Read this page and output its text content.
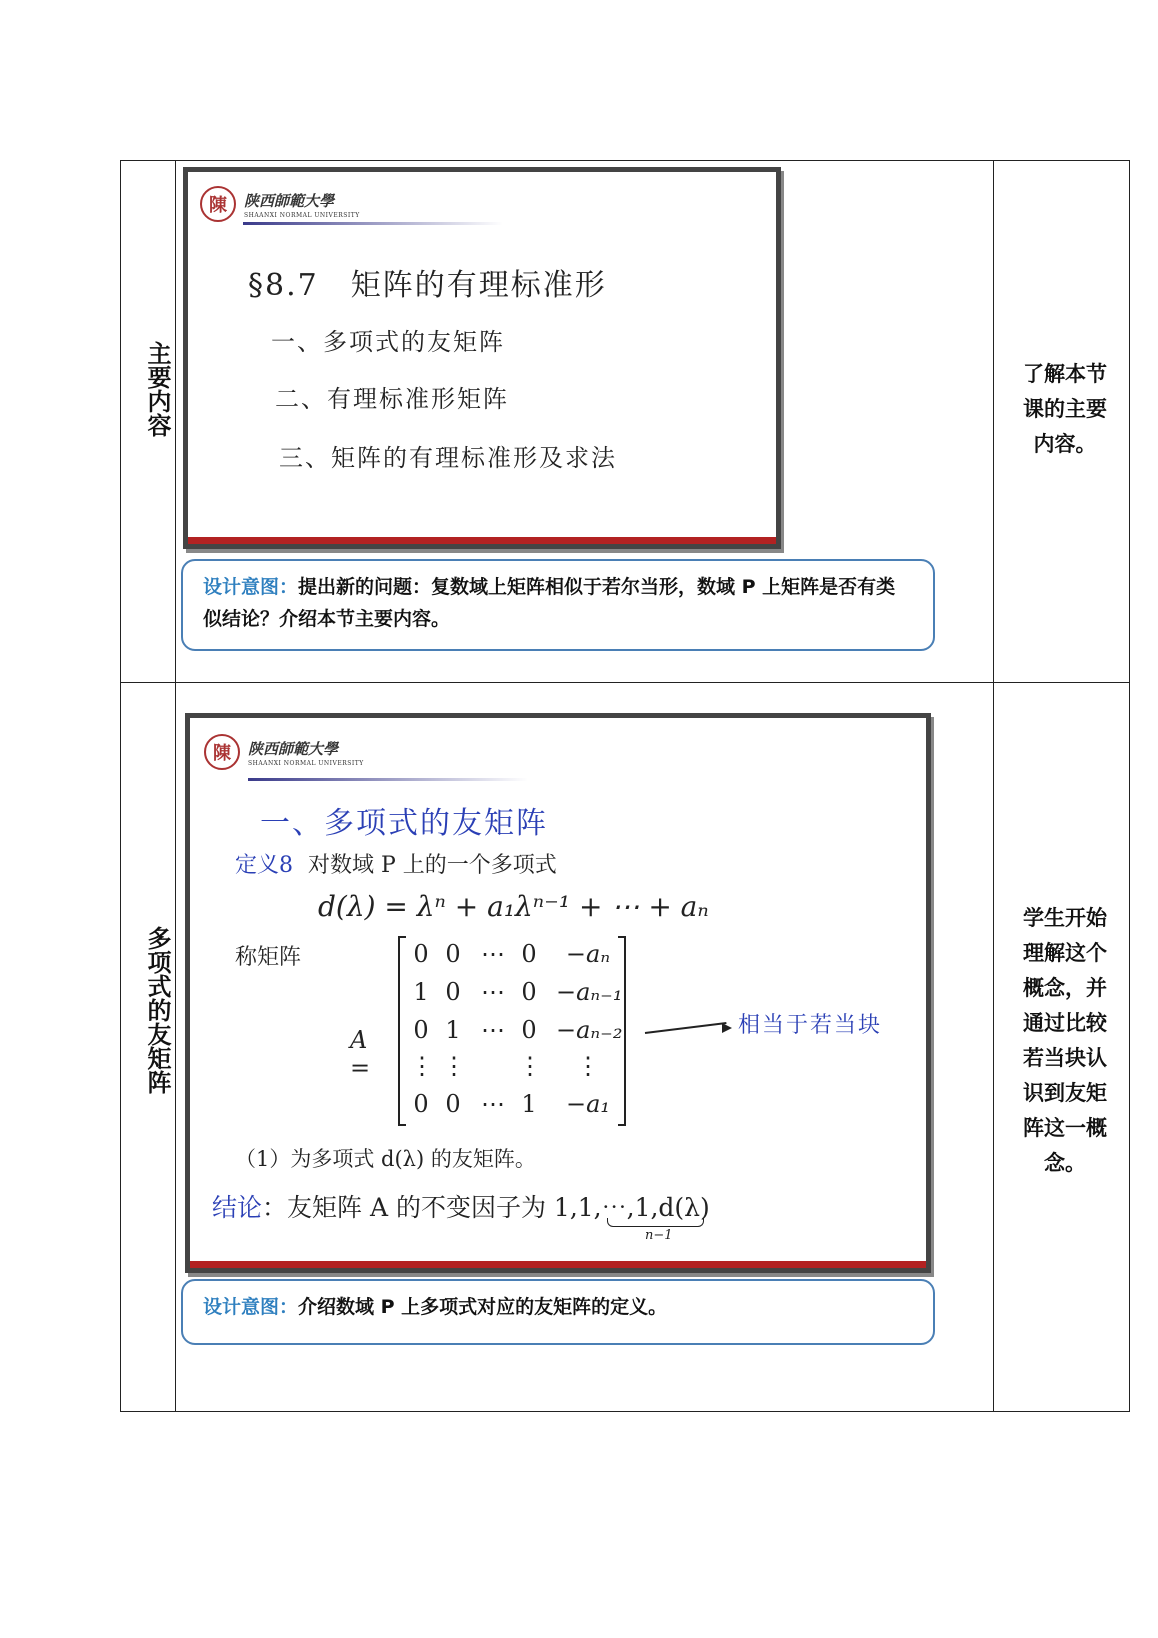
主要内容
陳	陕西師範大學
SHAANXI NORMAL UNIVERSITY
§8.7　矩阵的有理标准形
一、多项式的友矩阵
二、有理标准形矩阵
三、矩阵的有理标准形及求法
设计意图：提出新的问题：复数域上矩阵相似于若尔当形，数域 P 上矩阵是否有类似结论？介绍本节主要内容。
了解本节课的主要内容。
多项式的友矩阵
陳	陕西師範大學
SHAANXI NORMAL UNIVERSITY
一、多项式的友矩阵
定义8 对数域 P 上的一个多项式
d(λ) = λⁿ + a₁λⁿ⁻¹ + ⋯ + aₙ
称矩阵
A =
0 0 ⋯ 0	−aₙ
1 0 ⋯ 0 −aₙ₋₁
0 1 ⋯ 0 −aₙ₋₂
⋮ ⋮ ⋮	⋮
0 0 ⋯ 1	−a₁
相当于若当块
（1）为多项式 d(λ) 的友矩阵。
结论：友矩阵 A 的不变因子为 1,1,⋯,1,d(λ)
n−1
设计意图：介绍数域 P 上多项式对应的友矩阵的定义。
学生开始理解这个概念，并通过比较若当块认识到友矩阵这一概念。
